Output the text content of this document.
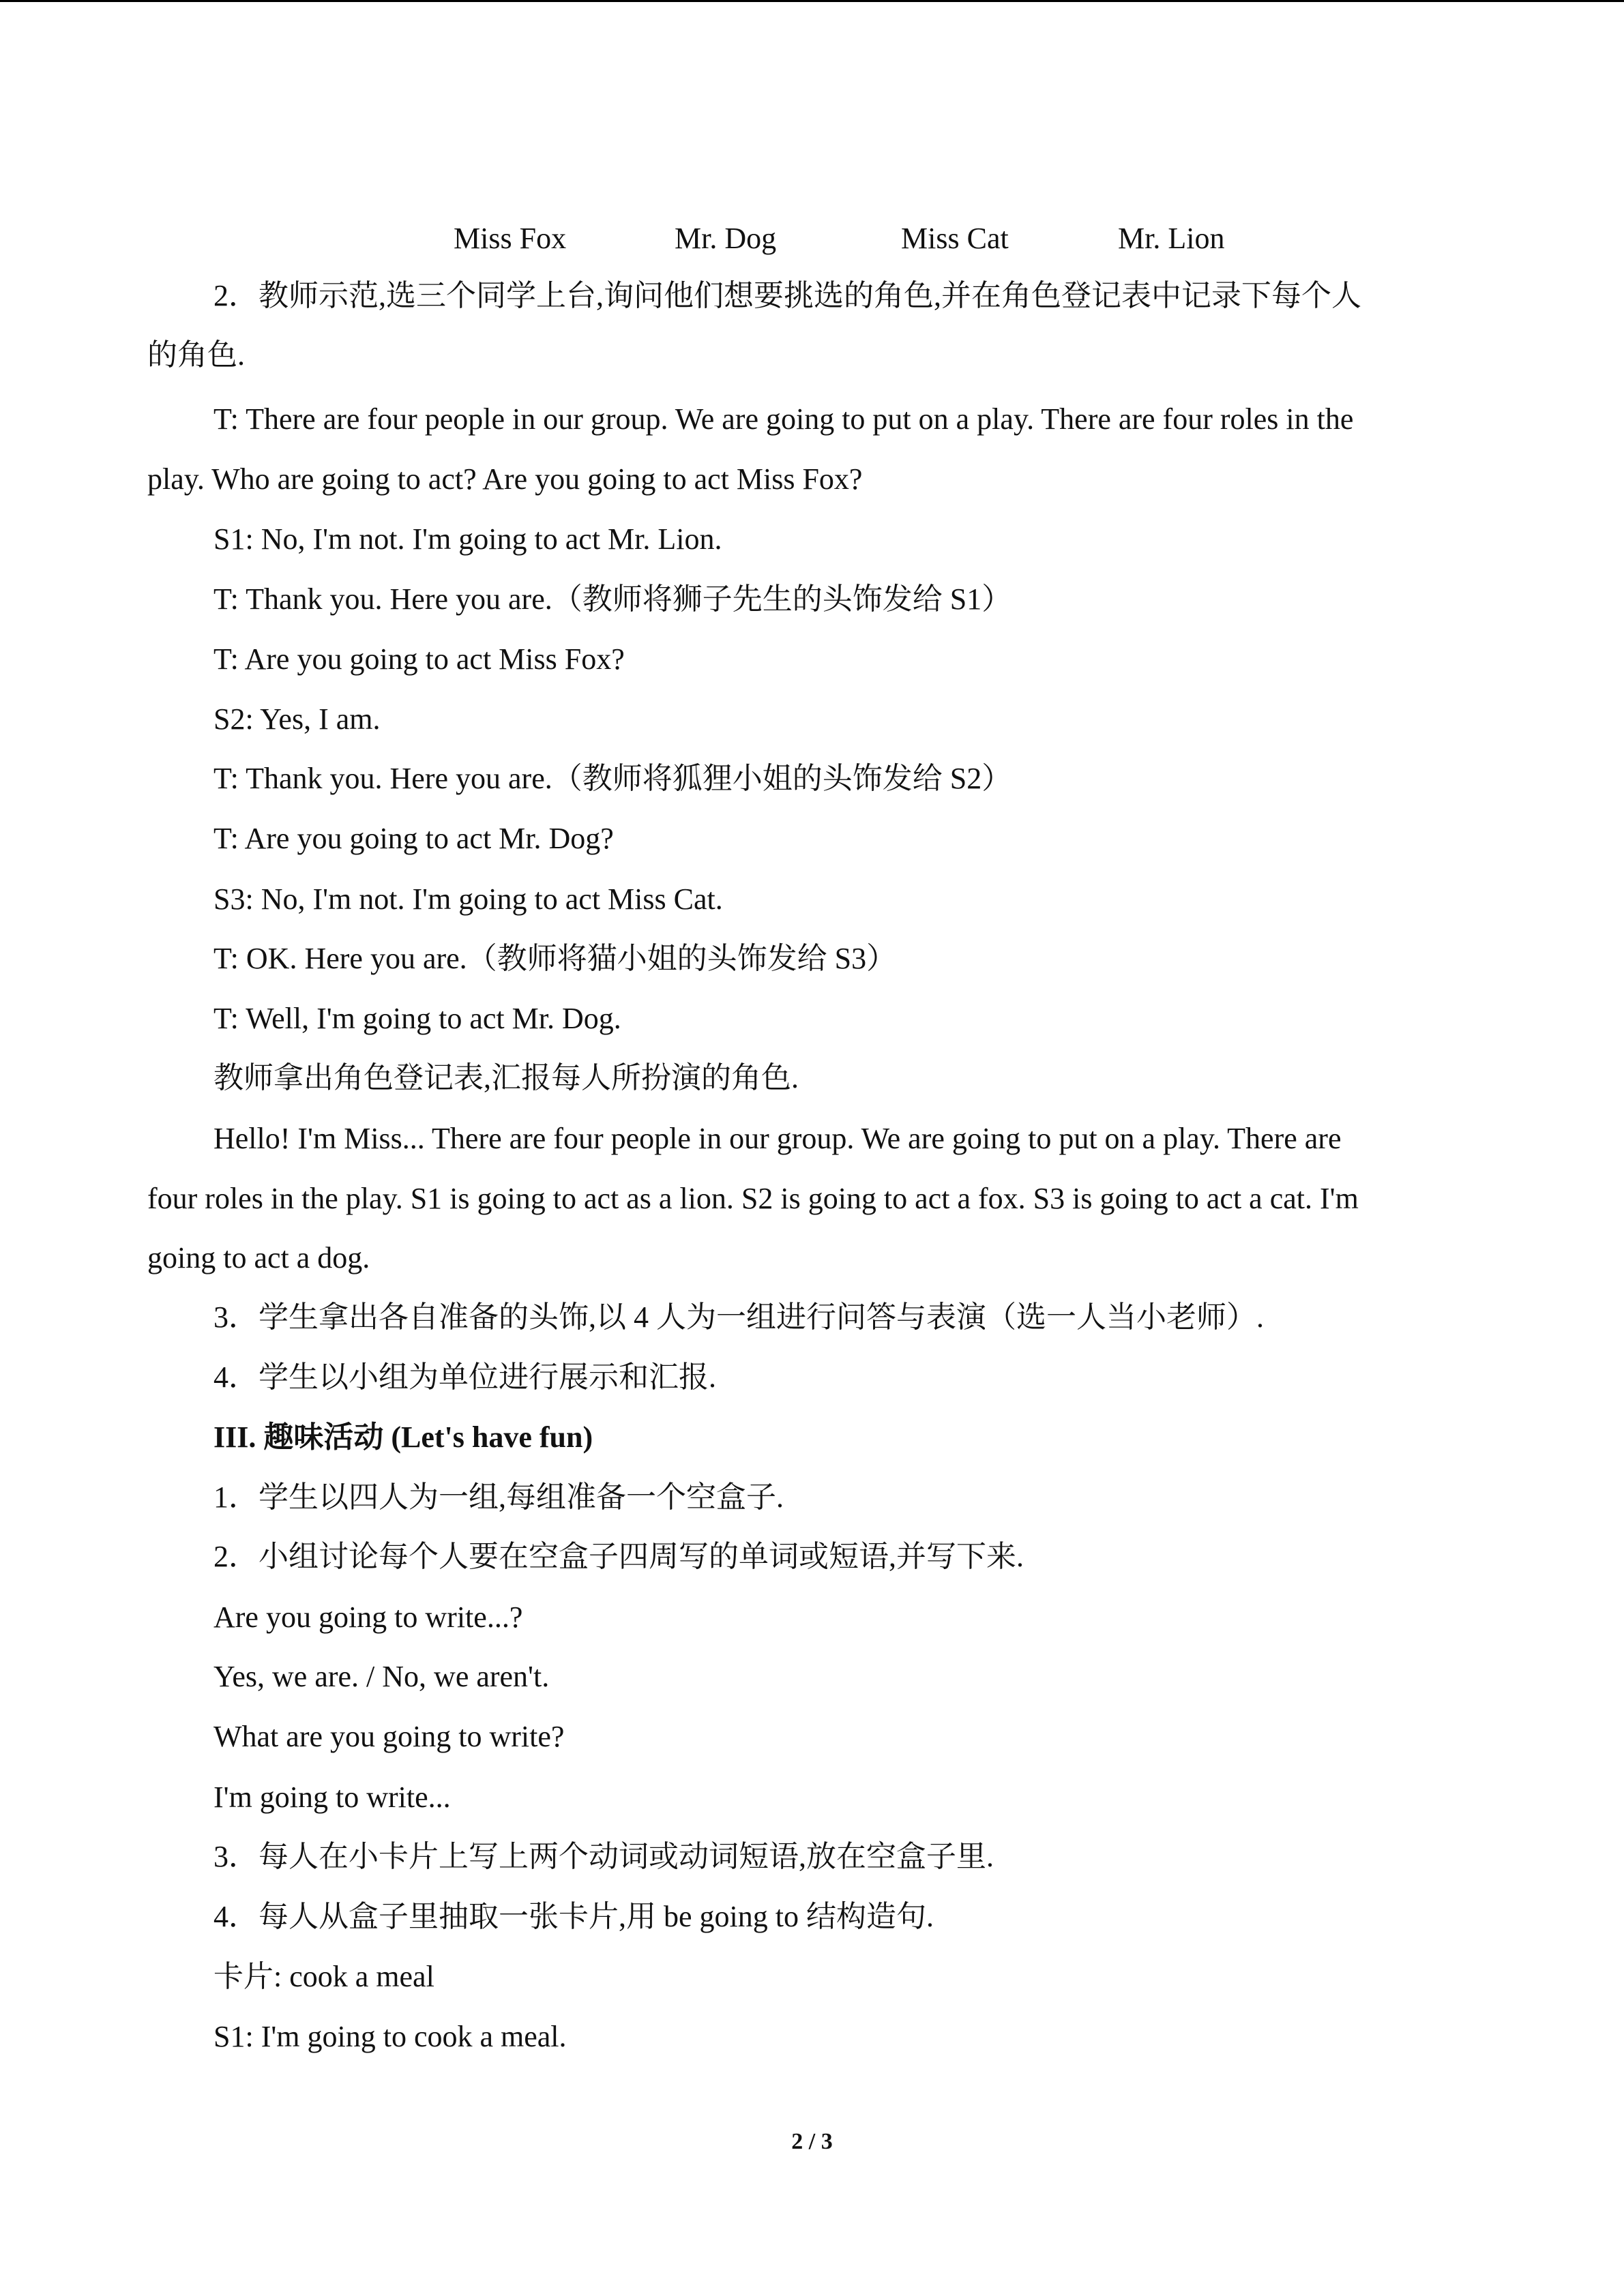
Miss Fox	Mr. Dog	Miss Cat	Mr. Lion
2．教师示范,选三个同学上台,询问他们想要挑选的角色,并在角色登记表中记录下每个人
的角色.
T: There are four people in our group. We are going to put on a play. There are four roles in the
play. Who are going to act? Are you going to act Miss Fox?
S1: No, I'm not. I'm going to act Mr. Lion.
T: Thank you. Here you are.（教师将狮子先生的头饰发给 S1）
T: Are you going to act Miss Fox?
S2: Yes, I am.
T: Thank you. Here you are.（教师将狐狸小姐的头饰发给 S2）
T: Are you going to act Mr. Dog?
S3: No, I'm not. I'm going to act Miss Cat.
T: OK. Here you are.（教师将猫小姐的头饰发给 S3）
T: Well, I'm going to act Mr. Dog.
教师拿出角色登记表,汇报每人所扮演的角色.
Hello! I'm Miss... There are four people in our group. We are going to put on a play. There are
four roles in the play. S1 is going to act as a lion. S2 is going to act a fox. S3 is going to act a cat. I'm
going to act a dog.
3．学生拿出各自准备的头饰,以 4 人为一组进行问答与表演（选一人当小老师）.
4．学生以小组为单位进行展示和汇报.
III. 趣味活动 (Let's have fun)
1．学生以四人为一组,每组准备一个空盒子.
2．小组讨论每个人要在空盒子四周写的单词或短语,并写下来.
Are you going to write...?
Yes, we are. / No, we aren't.
What are you going to write?
I'm going to write...
3．每人在小卡片上写上两个动词或动词短语,放在空盒子里.
4．每人从盒子里抽取一张卡片,用 be going to 结构造句.
卡片: cook a meal
S1: I'm going to cook a meal.
2 / 3
